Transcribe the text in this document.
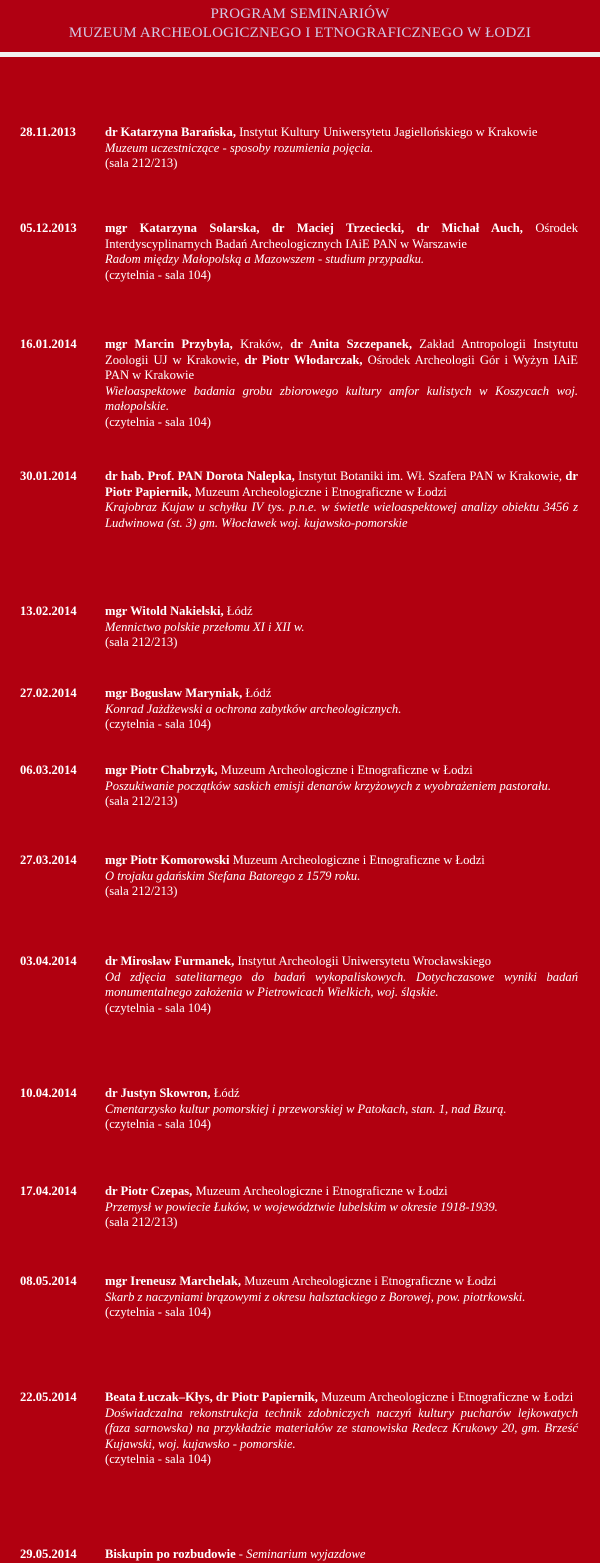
PROGRAM SEMINARIÓW
MUZEUM ARCHEOLOGICZNEGO I ETNOGRAFICZNEGO W ŁODZI
28.11.2013	dr Katarzyna Barańska, Instytut Kultury Uniwersytetu Jagiellońskiego w Krakowie
Muzeum uczestniczące - sposoby rozumienia pojęcia.
(sala 212/213)
05.12.2013	mgr Katarzyna Solarska, dr Maciej Trzeciecki, dr Michał Auch, Ośrodek Interdyscyplinarnych Badań Archeologicznych IAiE PAN w Warszawie
Radom między Małopolską a Mazowszem - studium przypadku.
(czytelnia - sala 104)
16.01.2014	mgr Marcin Przybyła, Kraków, dr Anita Szczepanek, Zakład Antropologii Instytutu Zoologii UJ w Krakowie, dr Piotr Włodarczak, Ośrodek Archeologii Gór i Wyżyn IAiE PAN w Krakowie
Wieloaspektowe badania grobu zbiorowego kultury amfor kulistych w Koszycach woj. małopolskie.
(czytelnia - sala 104)
30.01.2014	dr hab. Prof. PAN Dorota Nalepka, Instytut Botaniki im. Wł. Szafera PAN w Krakowie, dr Piotr Papiernik, Muzeum Archeologiczne i Etnograficzne w Łodzi
Krajobraz Kujaw u schyłku IV tys. p.n.e. w świetle wieloaspektowej analizy obiektu 3456 z Ludwinowa (st. 3) gm. Włocławek woj. kujawsko-pomorskie
13.02.2014	mgr Witold Nakielski, Łódź
Mennictwo polskie przełomu XI i XII w.
(sala 212/213)
27.02.2014	mgr Bogusław Maryniak, Łódź
Konrad Jażdżewski a ochrona zabytków archeologicznych.
(czytelnia - sala 104)
06.03.2014	mgr Piotr Chabrzyk, Muzeum Archeologiczne i Etnograficzne w Łodzi
Poszukiwanie początków saskich emisji denarów krzyżowych z wyobrażeniem pastorału.
(sala 212/213)
27.03.2014	mgr Piotr Komorowski Muzeum Archeologiczne i Etnograficzne w Łodzi
O trojaku gdańskim Stefana Batorego z 1579 roku.
(sala 212/213)
03.04.2014	dr Mirosław Furmanek, Instytut Archeologii Uniwersytetu Wrocławskiego
Od zdjęcia satelitarnego do badań wykopaliskowych. Dotychczasowe wyniki badań monumentalnego założenia w Pietrowicach Wielkich, woj. śląskie.
(czytelnia - sala 104)
10.04.2014	dr Justyn Skowron, Łódź
Cmentarzysko kultur pomorskiej i przeworskiej w Patokach, stan. 1, nad Bzurą.
(czytelnia - sala 104)
17.04.2014	dr Piotr Czepas, Muzeum Archeologiczne i Etnograficzne w Łodzi
Przemysł w powiecie Łuków, w województwie lubelskim w okresie 1918-1939.
(sala 212/213)
08.05.2014	mgr Ireneusz Marchelak, Muzeum Archeologiczne i Etnograficzne w Łodzi
Skarb z naczyniami brązowymi z okresu halsztackiego z Borowej, pow. piotrkowski.
(czytelnia - sala 104)
22.05.2014	Beata Łuczak–Kłys, dr Piotr Papiernik, Muzeum Archeologiczne i Etnograficzne w Łodzi
Doświadczalna rekonstrukcja technik zdobniczych naczyń kultury pucharów lejkowatych (faza sarnowska) na przykładzie materiałów ze stanowiska Redecz Krukowy 20, gm. Brześć Kujawski, woj. kujawsko - pomorskie.
(czytelnia - sala 104)
29.05.2014	Biskupin po rozbudowie - Seminarium wyjazdowe
